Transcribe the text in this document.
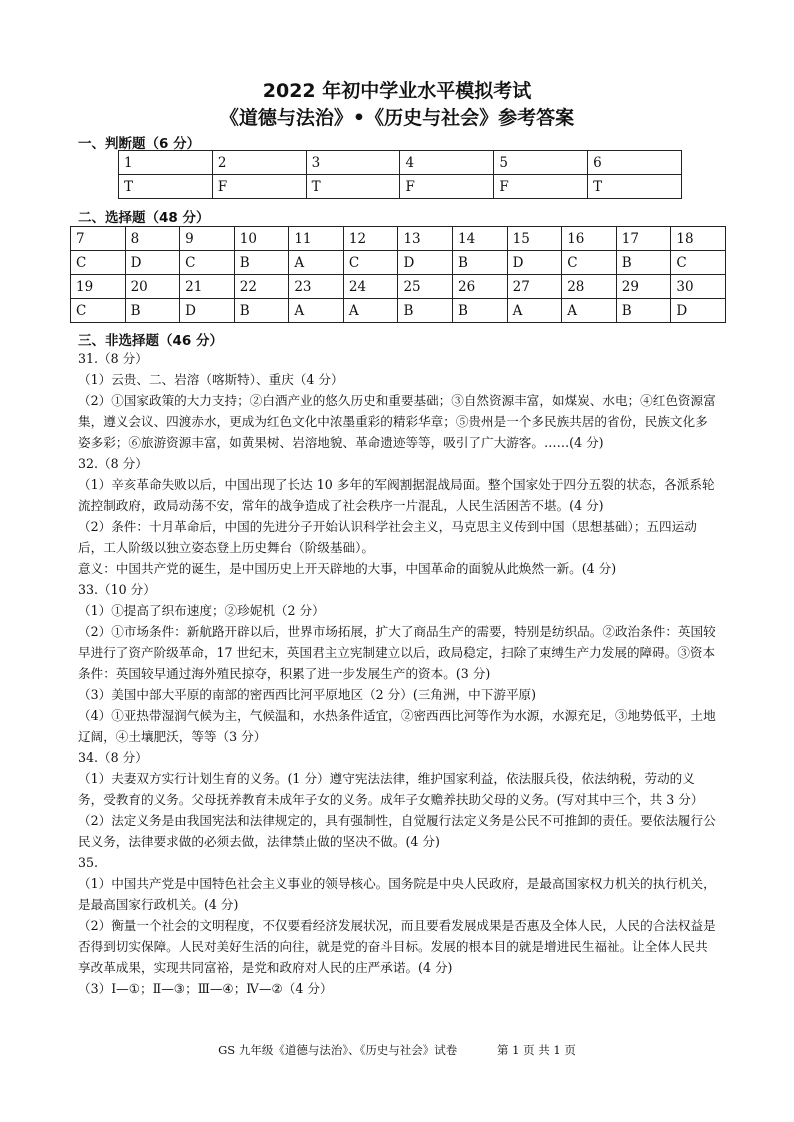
2022 年初中学业水平模拟考试
《道德与法治》•《历史与社会》参考答案
一、判断题（6 分）
1	2	3	4	5	6
T	F	T	F	F	T
二、选择题（48 分）
7	8	9	10	11	12	13	14	15	16	17	18
C	D	C	B	A	C	D	B	D	C	B	C
19	20	21	22	23	24	25	26	27	28	29	30
C	B	D	B	A	A	B	B	A	A	B	D
三、非选择题（46 分）
31.（8 分）
（1）云贵、二、岩溶（喀斯特）、重庆（4 分）
（2）①国家政策的大力支持；②白酒产业的悠久历史和重要基础；③自然资源丰富，如煤炭、水电；④红色资源富集，遵义会议、四渡赤水，更成为红色文化中浓墨重彩的精彩华章；⑤贵州是一个多民族共居的省份，民族文化多姿多彩；⑥旅游资源丰富，如黄果树、岩溶地貌、革命遗迹等等，吸引了广大游客。……(4 分)
32.（8 分）
（1）辛亥革命失败以后，中国出现了长达 10 多年的军阀割据混战局面。整个国家处于四分五裂的状态，各派系轮流控制政府，政局动荡不安，常年的战争造成了社会秩序一片混乱，人民生活困苦不堪。(4 分)
（2）条件：十月革命后，中国的先进分子开始认识科学社会主义，马克思主义传到中国（思想基础）；五四运动后，工人阶级以独立姿态登上历史舞台（阶级基础）。
意义：中国共产党的诞生，是中国历史上开天辟地的大事，中国革命的面貌从此焕然一新。(4 分)
33.（10 分）
（1）①提高了织布速度；②珍妮机（2 分）
（2）①市场条件：新航路开辟以后，世界市场拓展，扩大了商品生产的需要，特别是纺织品。②政治条件：英国较早进行了资产阶级革命，17 世纪末，英国君主立宪制建立以后，政局稳定，扫除了束缚生产力发展的障碍。③资本条件：英国较早通过海外殖民掠夺，积累了进一步发展生产的资本。(3 分)
（3）美国中部大平原的南部的密西西比河平原地区（2 分）(三角洲，中下游平原)
（4）①亚热带湿润气候为主，气候温和，水热条件适宜，②密西西比河等作为水源，水源充足，③地势低平，土地辽阔，④土壤肥沃，等等（3 分）
34.（8 分）
（1）夫妻双方实行计划生育的义务。(1 分）遵守宪法法律，维护国家利益，依法服兵役，依法纳税，劳动的义务，受教育的义务。父母抚养教育未成年子女的义务。成年子女赡养扶助父母的义务。(写对其中三个，共 3 分）
（2）法定义务是由我国宪法和法律规定的，具有强制性，自觉履行法定义务是公民不可推卸的责任。要依法履行公民义务，法律要求做的必须去做，法律禁止做的坚决不做。(4 分)
35.
（1）中国共产党是中国特色社会主义事业的领导核心。国务院是中央人民政府，是最高国家权力机关的执行机关，是最高国家行政机关。(4 分)
（2）衡量一个社会的文明程度，不仅要看经济发展状况，而且要看发展成果是否惠及全体人民，人民的合法权益是否得到切实保障。人民对美好生活的向往，就是党的奋斗目标。发展的根本目的就是增进民生福祉。让全体人民共享改革成果，实现共同富裕，是党和政府对人民的庄严承诺。(4 分)
（3）Ⅰ—①；Ⅱ—③；Ⅲ—④；Ⅳ—②（4 分）
GS 九年级《道德与法治》、《历史与社会》试卷	第 1 页 共 1 页
